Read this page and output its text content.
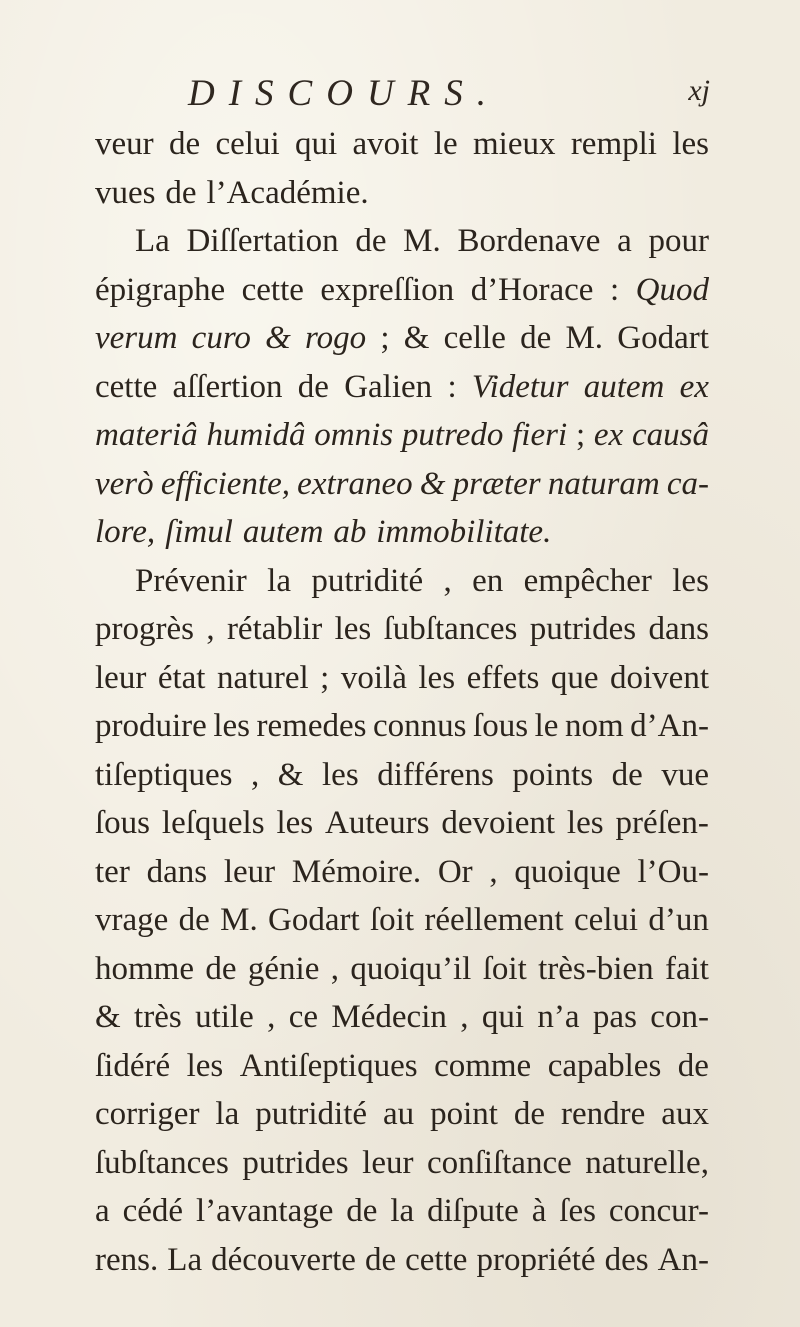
DISCOURS.	xj
veur de celui qui avoit le mieux rempli les
vues de l’Académie.
La Diſſertation de M. Bordenave a pour
épigraphe cette expreſſion d’Horace : Quod
verum curo & rogo ; & celle de M. Godart
cette aſſertion de Galien : Videtur autem ex
materiâ humidâ omnis putredo fieri ; ex causâ
verò efficiente, extraneo & præter naturam ca-
lore, ſimul autem ab immobilitate.
Prévenir la putridité , en empêcher les
progrès , rétablir les ſubſtances putrides dans
leur état naturel ; voilà les effets que doivent
produire les remedes connus ſous le nom d’An-
tiſeptiques , & les différens points de vue
ſous leſquels les Auteurs devoient les préſen-
ter dans leur Mémoire. Or , quoique l’Ou-
vrage de M. Godart ſoit réellement celui d’un
homme de génie , quoiqu’il ſoit très-bien fait
& très utile , ce Médecin , qui n’a pas con-
ſidéré les Antiſeptiques comme capables de
corriger la putridité au point de rendre aux
ſubſtances putrides leur conſiſtance naturelle,
a cédé l’avantage de la diſpute à ſes concur-
rens. La découverte de cette propriété des An-
